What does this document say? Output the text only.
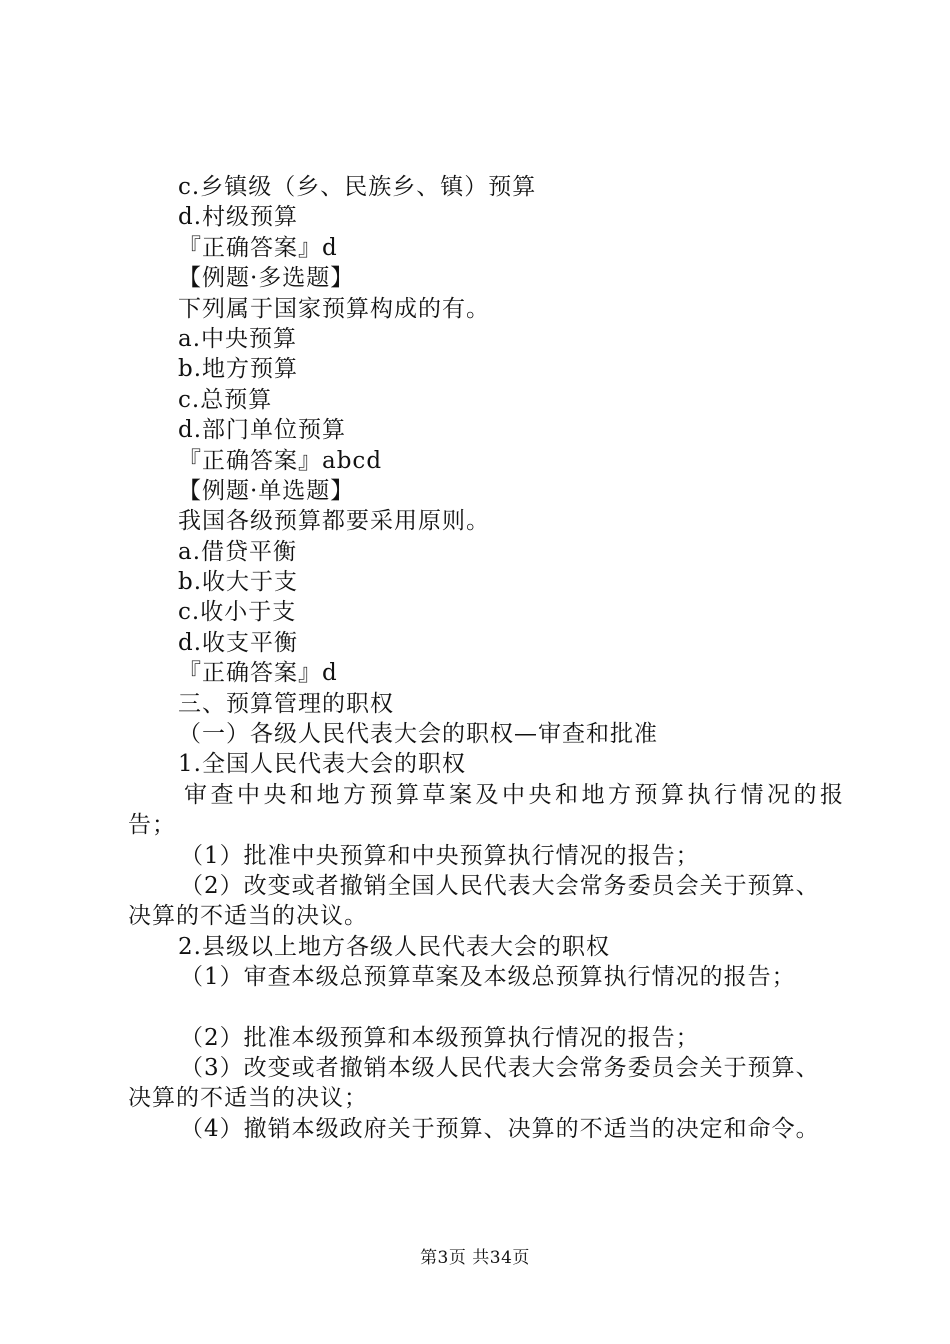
c.乡镇级（乡、民族乡、镇）预算
d.村级预算
『正确答案』d
【例题·多选题】
下列属于国家预算构成的有。
a.中央预算
b.地方预算
c.总预算
d.部门单位预算
『正确答案』abcd
【例题·单选题】
我国各级预算都要采用原则。
a.借贷平衡
b.收大于支
c.收小于支
d.收支平衡
『正确答案』d
三、预算管理的职权
（一）各级人民代表大会的职权—审查和批准
1.全国人民代表大会的职权
审查中央和地方预算草案及中央和地方预算执行情况的报
告；
（1）批准中央预算和中央预算执行情况的报告；
（2）改变或者撤销全国人民代表大会常务委员会关于预算、
决算的不适当的决议。
2.县级以上地方各级人民代表大会的职权
（1）审查本级总预算草案及本级总预算执行情况的报告；
（2）批准本级预算和本级预算执行情况的报告；
（3）改变或者撤销本级人民代表大会常务委员会关于预算、
决算的不适当的决议；
（4）撤销本级政府关于预算、决算的不适当的决定和命令。
第3页 共34页
